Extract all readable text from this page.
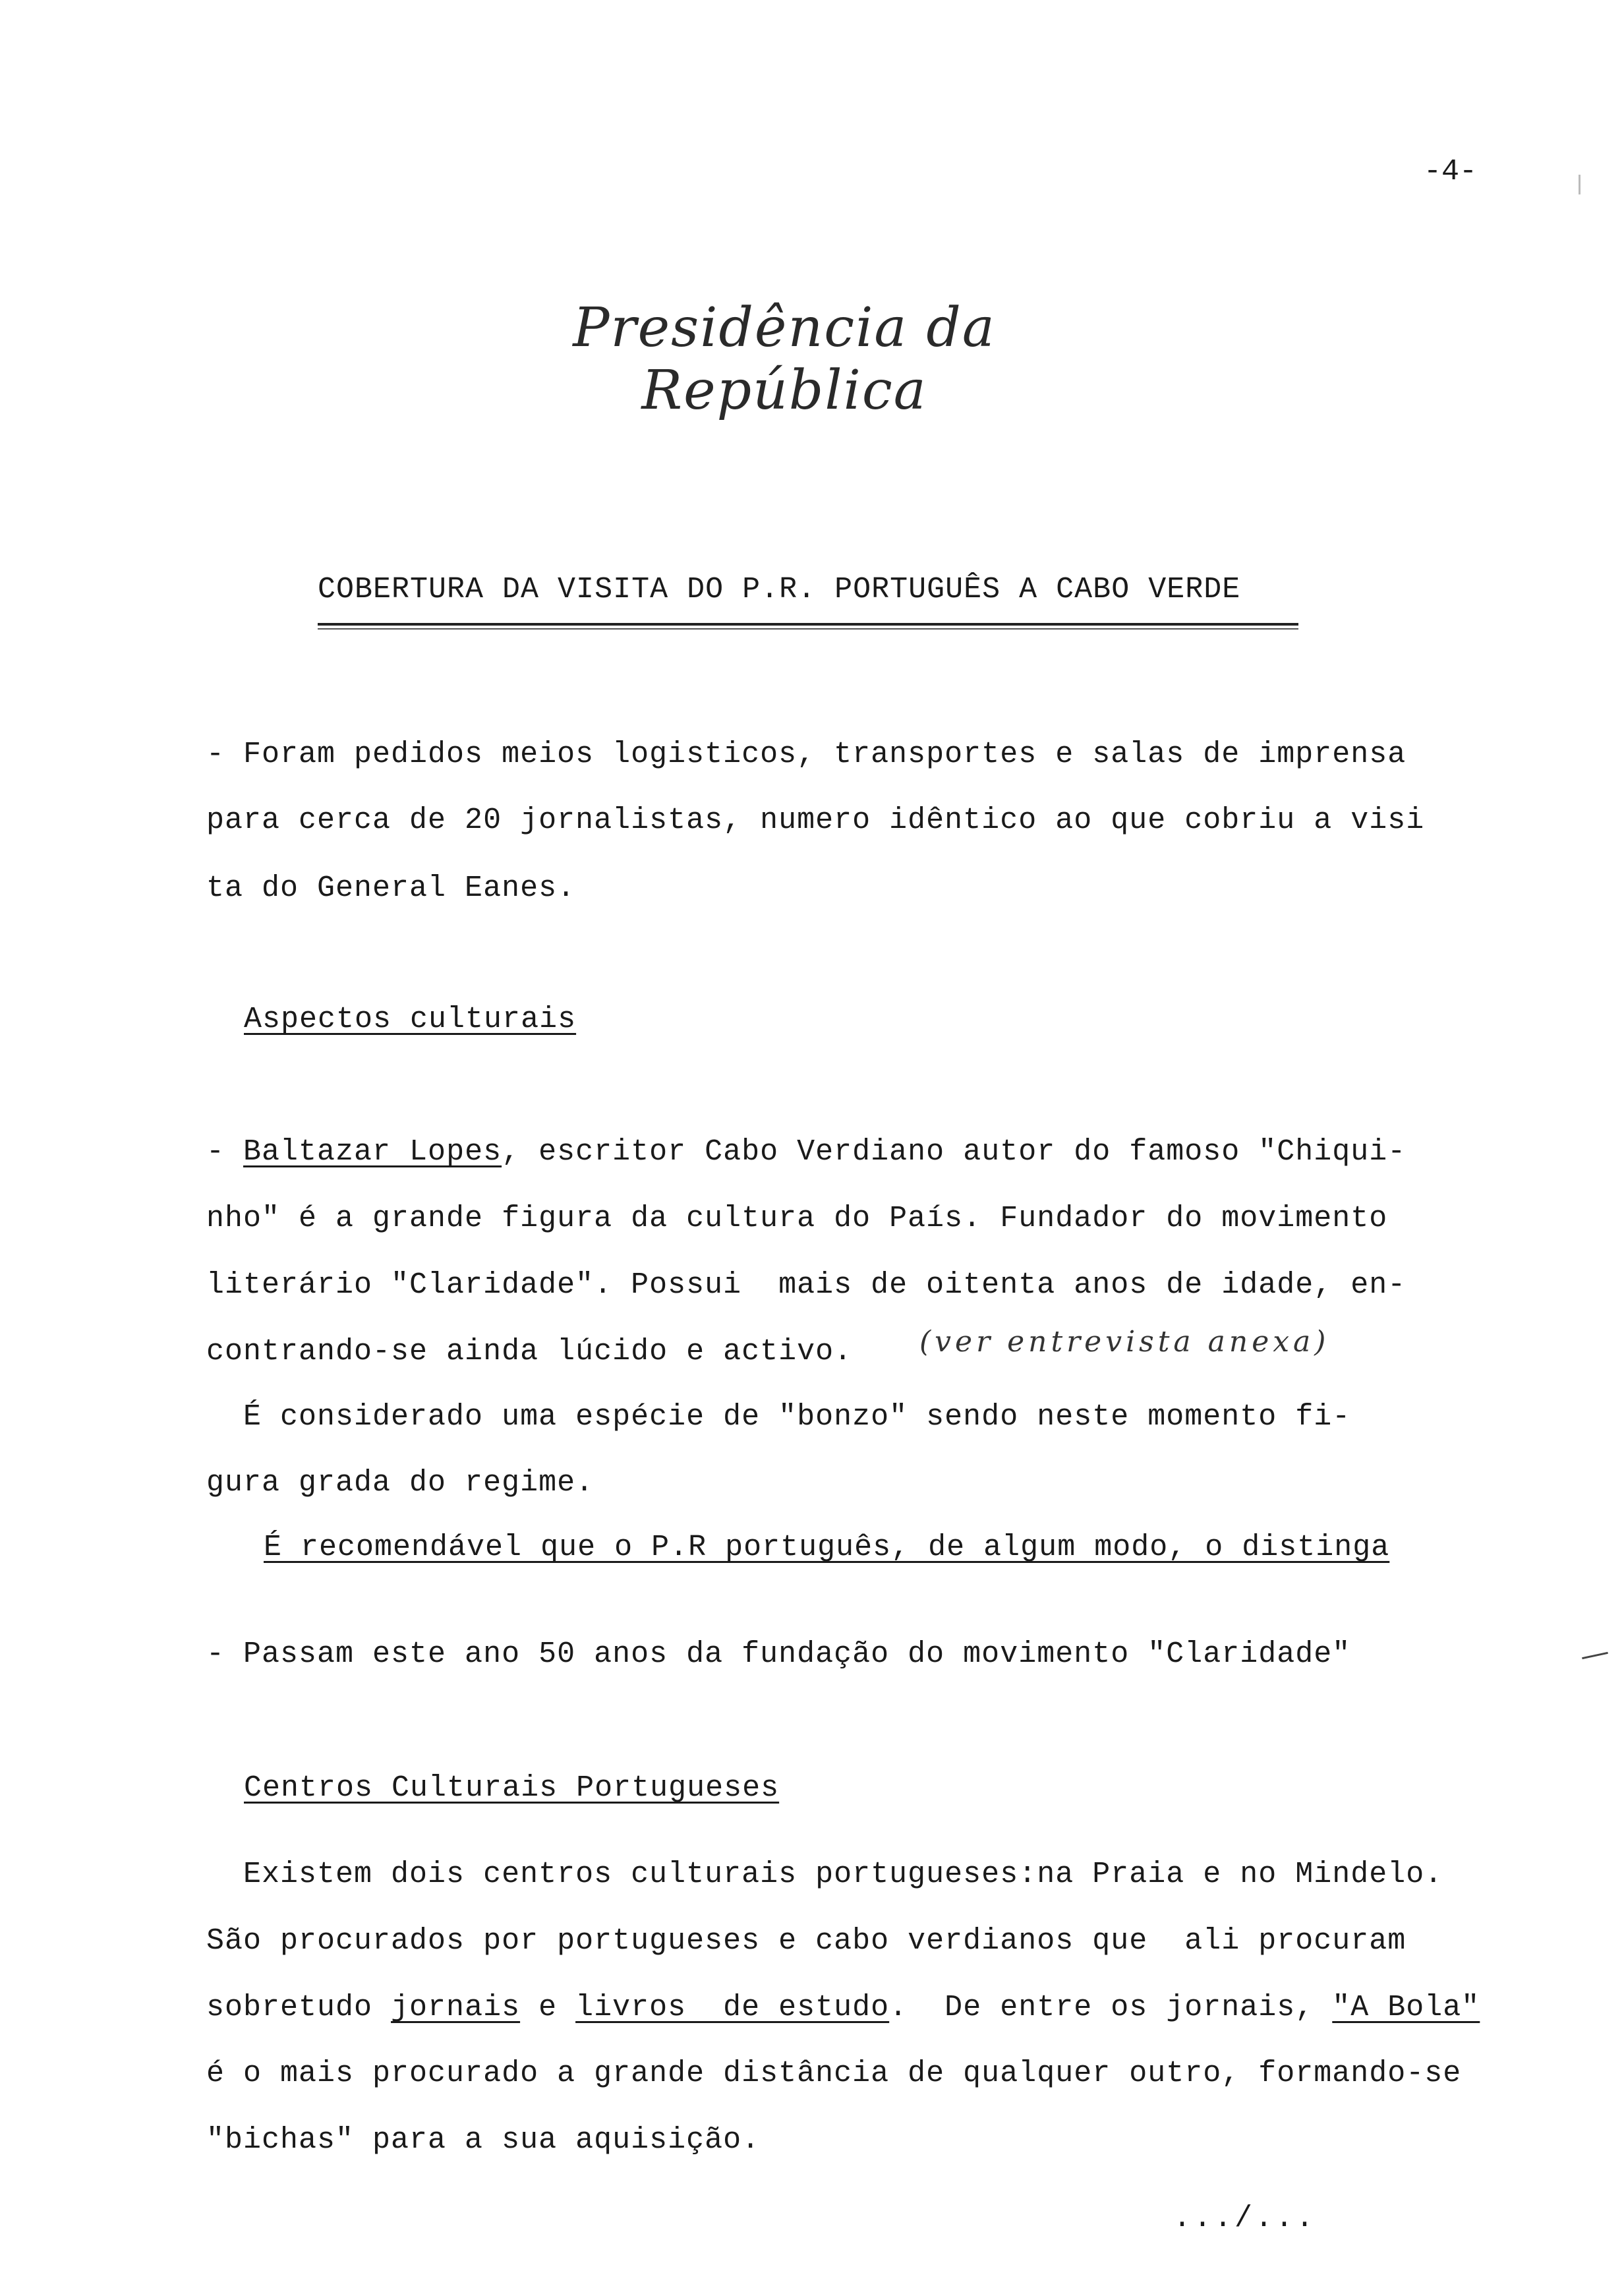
-4-
Presidência da República
COBERTURA DA VISITA DO P.R. PORTUGUÊS A CABO VERDE
- Foram pedidos meios logisticos, transportes e salas de imprensa
para cerca de 20 jornalistas, numero idêntico ao que cobriu a visi
ta do General Eanes.
Aspectos culturais
- Baltazar Lopes, escritor Cabo Verdiano autor do famoso "Chiqui-
nho" é a grande figura da cultura do País. Fundador do movimento
literário "Claridade". Possui  mais de oitenta anos de idade, en-
contrando-se ainda lúcido e activo. (ver entrevista anexa)
É considerado uma espécie de "bonzo" sendo neste momento fi-
gura grada do regime.
É recomendável que o P.R português, de algum modo, o distinga
- Passam este ano 50 anos da fundação do movimento "Claridade"
Centros Culturais Portugueses
Existem dois centros culturais portugueses:na Praia e no Mindelo.
São procurados por portugueses e cabo verdianos que  ali procuram
sobretudo jornais e livros  de estudo.  De entre os jornais, "A Bola"
é o mais procurado a grande distância de qualquer outro, formando-se
"bichas" para a sua aquisição.
.../...
